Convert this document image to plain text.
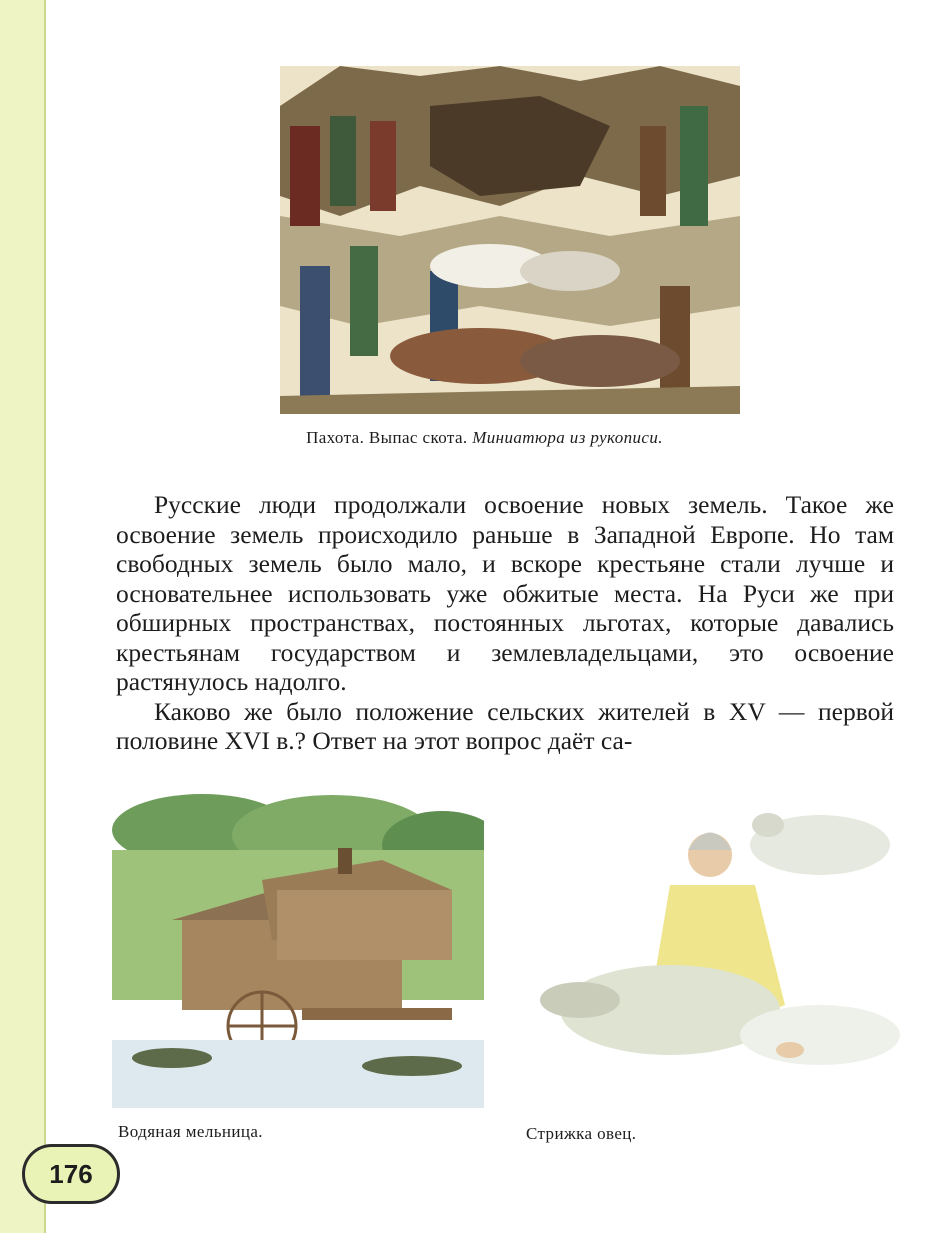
Пахота. Выпас скота. Миниатюра из рукописи.

Русские люди продолжали освоение новых земель. Такое же освоение земель происходило раньше в Западной Европе. Но там свободных земель было мало, и вскоре крестьяне стали лучше и основательнее использовать уже обжитые места. На Руси же при обширных пространствах, постоянных льготах, которые давались крестьянам государством и землевладельцами, это освоение растянулось надолго.

Каково же было положение сельских жителей в XV — первой половине XVI в.? Ответ на этот вопрос даёт са-

Водяная мельница.	Стрижка овец.
176
